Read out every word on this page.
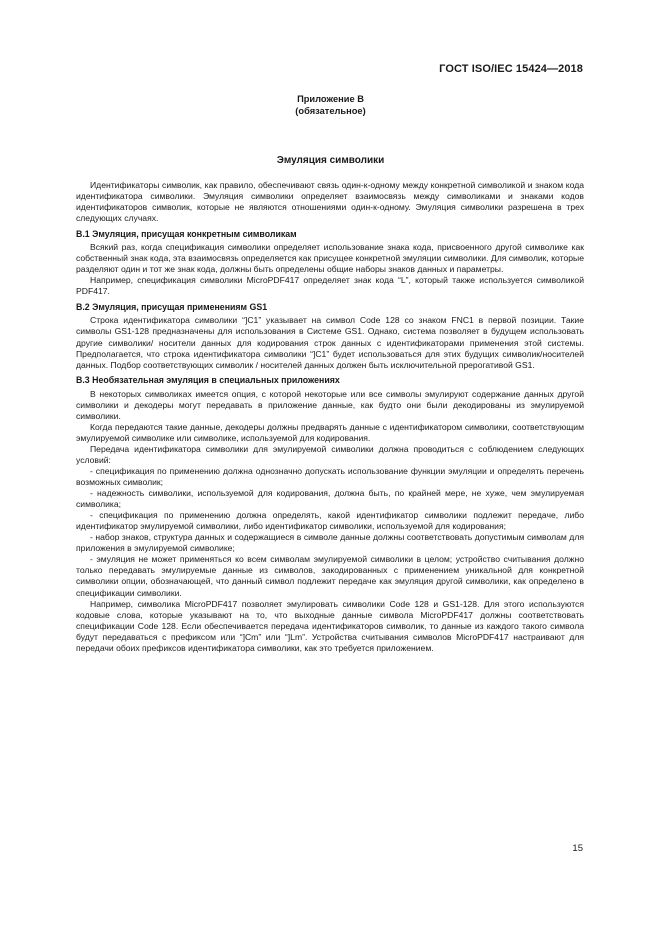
ГОСТ ISO/IEC 15424—2018
Приложение В
(обязательное)
Эмуляция символики

Идентификаторы символик, как правило, обеспечивают связь один-к-одному между конкретной символикой и знаком кода идентификатора символики. Эмуляция символики определяет взаимосвязь между символиками и знаками кодов идентификаторов символик, которые не являются отношениями один-к-одному. Эмуляция символики разрешена в трех следующих случаях.

В.1 Эмуляция, присущая конкретным символикам

Всякий раз, когда спецификация символики определяет использование знака кода, присвоенного другой символике как собственный знак кода, эта взаимосвязь определяется как присущее конкретной эмуляции символики. Для символик, которые разделяют один и тот же знак кода, должны быть определены общие наборы знаков данных и параметры.

Например, спецификация символики MicroPDF417 определяет знак кода “L”, который также используется символикой PDF417.

В.2 Эмуляция, присущая применениям GS1

Строка идентификатора символики “]C1” указывает на символ Code 128 со знаком FNC1 в первой позиции. Такие символы GS1-128 предназначены для использования в Системе GS1. Однако, система позволяет в будущем использовать другие символики/ носители данных для кодирования строк данных с идентификаторами применения этой системы. Предполагается, что строка идентификатора символики “]C1” будет использоваться для этих будущих символик/носителей данных. Подбор соответствующих символик / носителей данных должен быть исключительной прерогативой GS1.

В.3 Необязательная эмуляция в специальных приложениях

В некоторых символиках имеется опция, с которой некоторые или все символы эмулируют содержание данных другой символики и декодеры могут передавать в приложение данные, как будто они были декодированы из эмулируемой символики.

Когда передаются такие данные, декодеры должны предварять данные с идентификатором символики, соответствующим эмулируемой символике или символике, используемой для кодирования.

Передача идентификатора символики для эмулируемой символики должна проводиться с соблюдением следующих условий:

- спецификация по применению должна однозначно допускать использование функции эмуляции и определять перечень возможных символик;

- надежность символики, используемой для кодирования, должна быть, по крайней мере, не хуже, чем эмулируемая символика;

- спецификация по применению должна определять, какой идентификатор символики подлежит передаче, либо идентификатор эмулируемой символики, либо идентификатор символики, используемой для кодирования;

- набор знаков, структура данных и содержащиеся в символе данные должны соответствовать допустимым символам для приложения в эмулируемой символике;

- эмуляция не может применяться ко всем символам эмулируемой символики в целом; устройство считывания должно только передавать эмулируемые данные из символов, закодированных с применением уникальной для конкретной символики опции, обозначающей, что данный символ подлежит передаче как эмуляция другой символики, как определено в спецификации символики.

Например, символика MicroPDF417 позволяет эмулировать символики Code 128 и GS1-128. Для этого используются кодовые слова, которые указывают на то, что выходные данные символа MicroPDF417 должны соответствовать спецификации Code 128. Если обеспечивается передача идентификаторов символик, то данные из каждого такого символа будут передаваться с префиксом или “]Cm” или “]Lm”. Устройства считывания символов MicroPDF417 настраивают для передачи обоих префиксов идентификатора символики, как это требуется приложением.

15
